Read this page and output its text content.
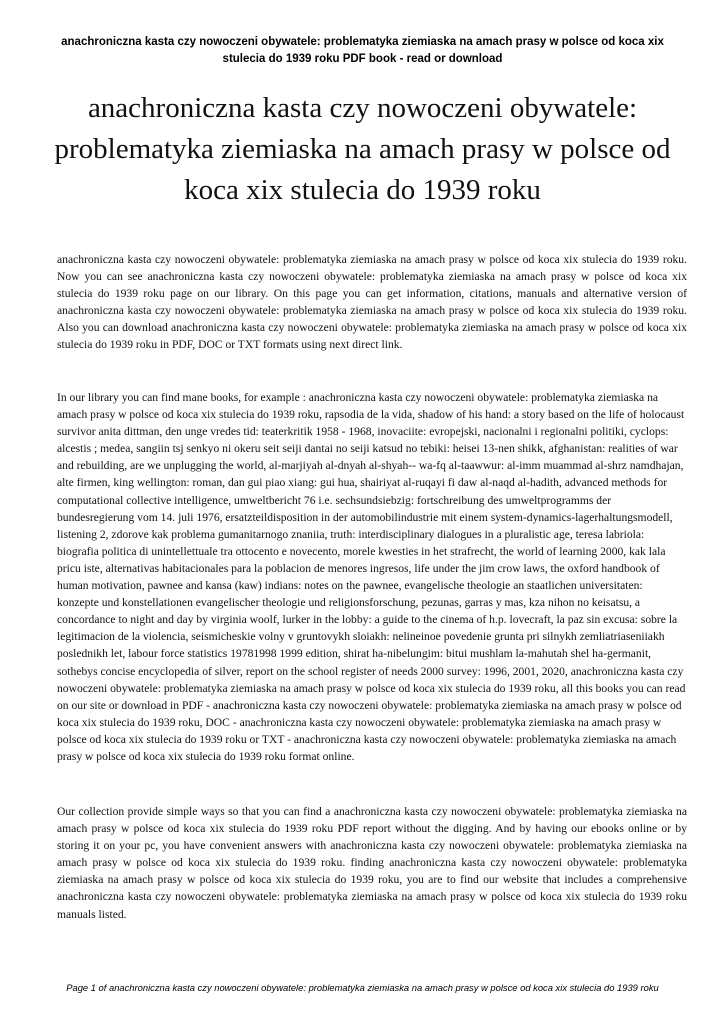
anachroniczna kasta czy nowoczeni obywatele: problematyka ziemiaska na amach prasy w polsce od koca xix stulecia do 1939 roku PDF book - read or download
anachroniczna kasta czy nowoczeni obywatele: problematyka ziemiaska na amach prasy w polsce od koca xix stulecia do 1939 roku

anachroniczna kasta czy nowoczeni obywatele: problematyka ziemiaska na amach prasy w polsce od koca xix stulecia do 1939 roku. Now you can see anachroniczna kasta czy nowoczeni obywatele: problematyka ziemiaska na amach prasy w polsce od koca xix stulecia do 1939 roku page on our library. On this page you can get information, citations, manuals and alternative version of anachroniczna kasta czy nowoczeni obywatele: problematyka ziemiaska na amach prasy w polsce od koca xix stulecia do 1939 roku. Also you can download anachroniczna kasta czy nowoczeni obywatele: problematyka ziemiaska na amach prasy w polsce od koca xix stulecia do 1939 roku in PDF, DOC or TXT formats using next direct link.

In our library you can find mane books, for example : anachroniczna kasta czy nowoczeni obywatele: problematyka ziemiaska na amach prasy w polsce od koca xix stulecia do 1939 roku, rapsodia de la vida, shadow of his hand: a story based on the life of holocaust survivor anita dittman, den unge vredes tid: teaterkritik 1958 - 1968, inovaciite: evropejski, nacionalni i regionalni politiki, cyclops: alcestis ; medea, sangiin tsj senkyo ni okeru seit seiji dantai no seiji katsud no tebiki: heisei 13-nen shikk, afghanistan: realities of war and rebuilding, are we unplugging the world, al-marjiyah al-dnyah al-shyah-- wa-fq al-taawwur: al-imm muammad al-shrz namdhajan, alte firmen, king wellington: roman, dan gui piao xiang: gui hua, shairiyat al-ruqayi fi daw al-naqd al-hadith, advanced methods for computational collective intelligence, umweltbericht 76 i.e. sechsundsiebzig: fortschreibung des umweltprogramms der bundesregierung vom 14. juli 1976, ersatzteildisposition in der automobilindustrie mit einem system-dynamics-lagerhaltungsmodell, listening 2, zdorove kak problema gumanitarnogo znaniia, truth: interdisciplinary dialogues in a pluralistic age, teresa labriola: biografia politica di unintellettuale tra ottocento e novecento, morele kwesties in het strafrecht, the world of learning 2000, kak lala pricu iste, alternativas habitacionales para la poblacion de menores ingresos, life under the jim crow laws, the oxford handbook of human motivation, pawnee and kansa (kaw) indians: notes on the pawnee, evangelische theologie an staatlichen universitaten: konzepte und konstellationen evangelischer theologie und religionsforschung, pezunas, garras y mas, kza nihon no keisatsu, a concordance to night and day by virginia woolf, lurker in the lobby: a guide to the cinema of h.p. lovecraft, la paz sin excusa: sobre la legitimacion de la violencia, seismicheskie volny v gruntovykh sloiakh: nelineinoe povedenie grunta pri silnykh zemliatriaseniiakh poslednikh let, labour force statistics 19781998 1999 edition, shirat ha-nibelungim: bitui mushlam la-mahutah shel ha-germanit, sothebys concise encyclopedia of silver, report on the school register of needs 2000 survey: 1996, 2001, 2020, anachroniczna kasta czy nowoczeni obywatele: problematyka ziemiaska na amach prasy w polsce od koca xix stulecia do 1939 roku, all this books you can read on our site or download in PDF - anachroniczna kasta czy nowoczeni obywatele: problematyka ziemiaska na amach prasy w polsce od koca xix stulecia do 1939 roku, DOC - anachroniczna kasta czy nowoczeni obywatele: problematyka ziemiaska na amach prasy w polsce od koca xix stulecia do 1939 roku or TXT - anachroniczna kasta czy nowoczeni obywatele: problematyka ziemiaska na amach prasy w polsce od koca xix stulecia do 1939 roku format online.

Our collection provide simple ways so that you can find a anachroniczna kasta czy nowoczeni obywatele: problematyka ziemiaska na amach prasy w polsce od koca xix stulecia do 1939 roku PDF report without the digging. And by having our ebooks online or by storing it on your pc, you have convenient answers with anachroniczna kasta czy nowoczeni obywatele: problematyka ziemiaska na amach prasy w polsce od koca xix stulecia do 1939 roku. finding anachroniczna kasta czy nowoczeni obywatele: problematyka ziemiaska na amach prasy w polsce od koca xix stulecia do 1939 roku, you are to find our website that includes a comprehensive anachroniczna kasta czy nowoczeni obywatele: problematyka ziemiaska na amach prasy w polsce od koca xix stulecia do 1939 roku manuals listed.

Page 1 of anachroniczna kasta czy nowoczeni obywatele: problematyka ziemiaska na amach prasy w polsce od koca xix stulecia do 1939 roku
